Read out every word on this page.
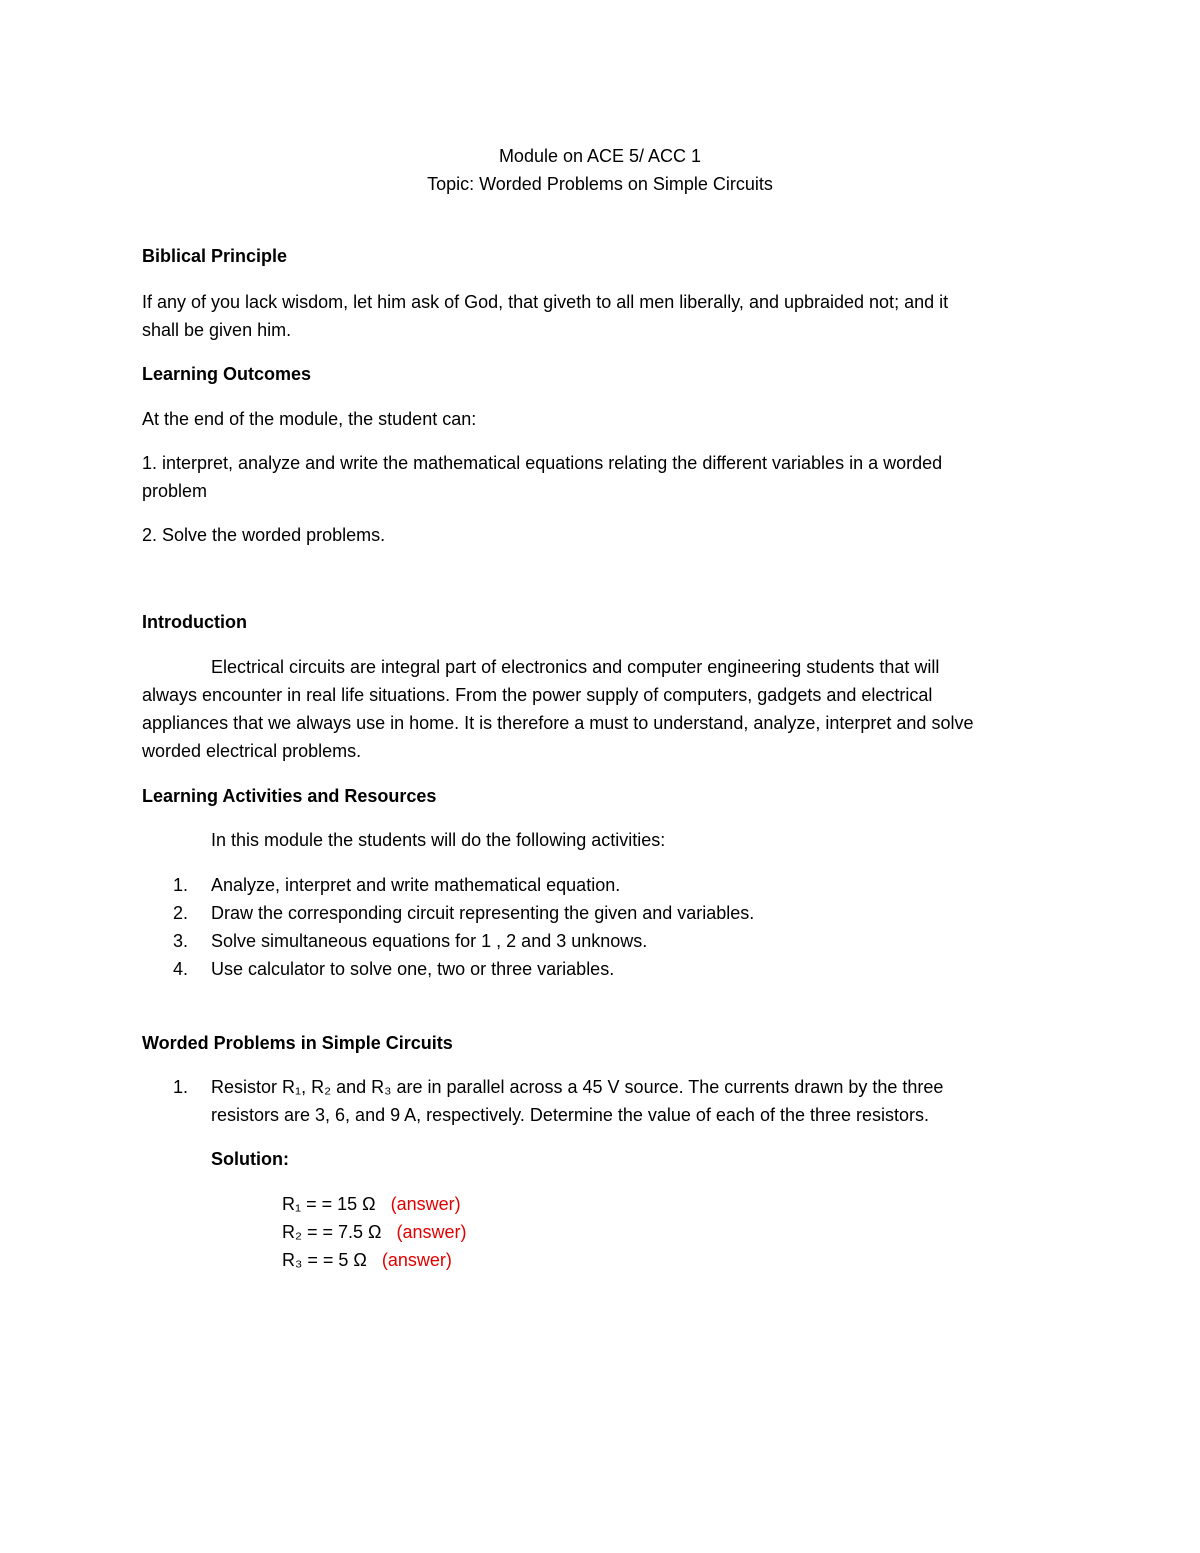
Module on ACE 5/ ACC 1
Topic: Worded Problems on Simple Circuits
Biblical Principle
If any of you lack wisdom, let him ask of God, that giveth to all men liberally, and upbraided not; and it
shall be given him.
Learning Outcomes
At the end of the module, the student can:
1. interpret, analyze and write the mathematical equations relating the different variables in a worded
problem
2. Solve the worded problems.
Introduction
Electrical circuits are integral part of electronics and computer engineering students that will
always encounter in real life situations. From the power supply of computers, gadgets and electrical
appliances that we always use in home. It is therefore a must to understand, analyze, interpret and solve
worded electrical problems.
Learning Activities and Resources
In this module the students will do the following activities:
1. Analyze, interpret and write mathematical equation.
2. Draw the corresponding circuit representing the given and variables.
3. Solve simultaneous equations for 1 , 2 and 3 unknows.
4. Use calculator to solve one, two or three variables.
Worded Problems in Simple Circuits
1. Resistor R₁, R₂ and R₃ are in parallel across a 45 V source. The currents drawn by the three
resistors are 3, 6, and 9 A, respectively. Determine the value of each of the three resistors.
Solution:
R₁ = = 15 Ω (answer)
R₂ = = 7.5 Ω (answer)
R₃ = = 5 Ω (answer)
